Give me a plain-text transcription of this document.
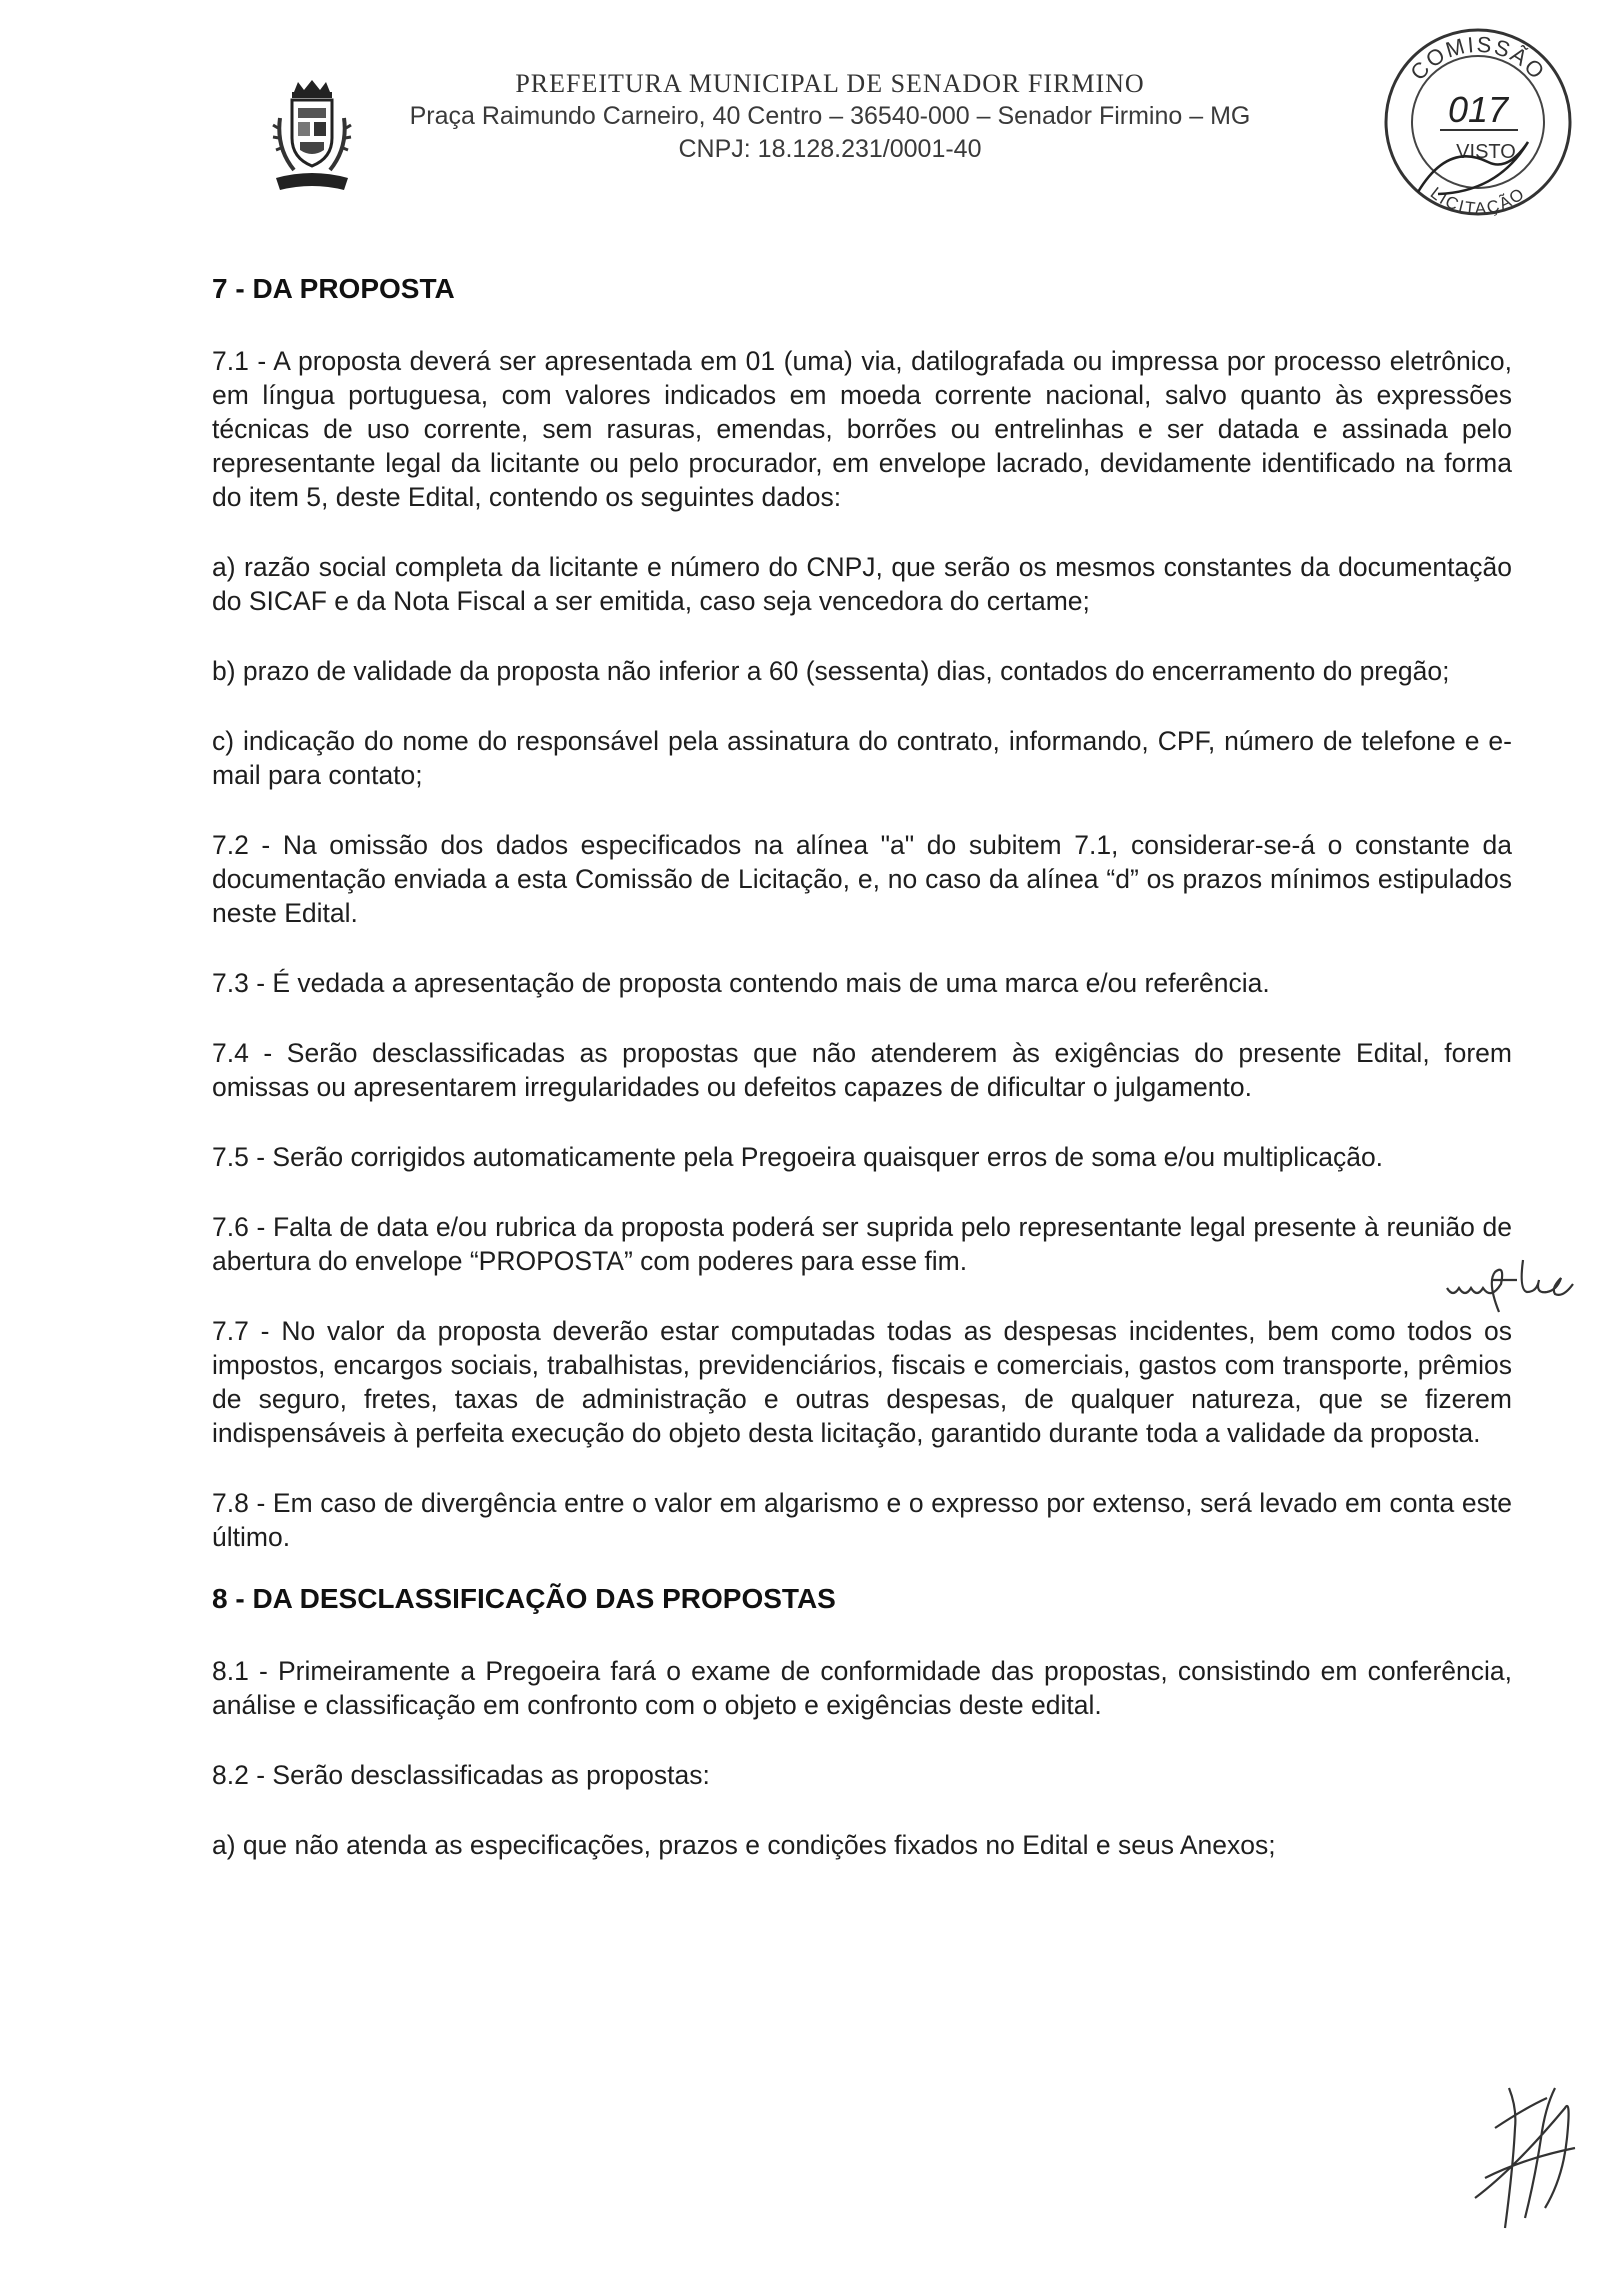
PREFEITURA MUNICIPAL DE SENADOR FIRMINO

Praça Raimundo Carneiro, 40 Centro – 36540-000 – Senador Firmino – MG

CNPJ: 18.128.231/0001-40

COMISSÃO
LICITAÇÃO
017
VISTO

7 - DA PROPOSTA

7.1 - A proposta deverá ser apresentada em 01 (uma) via, datilografada ou impressa por processo eletrônico, em língua portuguesa, com valores indicados em moeda corrente nacional, salvo quanto às expressões técnicas de uso corrente, sem rasuras, emendas, borrões ou entrelinhas e ser datada e assinada pelo representante legal da licitante ou pelo procurador, em envelope lacrado, devidamente identificado na forma do item 5, deste Edital, contendo os seguintes dados:

a) razão social completa da licitante e número do CNPJ, que serão os mesmos constantes da documentação do SICAF e da Nota Fiscal a ser emitida, caso seja vencedora do certame;

b) prazo de validade da proposta não inferior a 60 (sessenta) dias, contados do encerramento do pregão;

c) indicação do nome do responsável pela assinatura do contrato, informando, CPF, número de telefone e e-mail para contato;

7.2 - Na omissão dos dados especificados na alínea "a" do subitem 7.1, considerar-se-á o constante da documentação enviada a esta Comissão de Licitação, e, no caso da alínea “d” os prazos mínimos estipulados neste Edital.

7.3 - É vedada a apresentação de proposta contendo mais de uma marca e/ou referência.

7.4 - Serão desclassificadas as propostas que não atenderem às exigências do presente Edital, forem omissas ou apresentarem irregularidades ou defeitos capazes de dificultar o julgamento.

7.5 - Serão corrigidos automaticamente pela Pregoeira quaisquer erros de soma e/ou multiplicação.

7.6 - Falta de data e/ou rubrica da proposta poderá ser suprida pelo representante legal presente à reunião de abertura do envelope “PROPOSTA” com poderes para esse fim.

7.7 - No valor da proposta deverão estar computadas todas as despesas incidentes, bem como todos os impostos, encargos sociais, trabalhistas, previdenciários, fiscais e comerciais, gastos com transporte, prêmios de seguro, fretes, taxas de administração e outras despesas, de qualquer natureza, que se fizerem indispensáveis à perfeita execução do objeto desta licitação, garantido durante toda a validade da proposta.

7.8 - Em caso de divergência entre o valor em algarismo e o expresso por extenso, será levado em conta este último.

8 - DA DESCLASSIFICAÇÃO DAS PROPOSTAS

8.1 - Primeiramente a Pregoeira fará o exame de conformidade das propostas, consistindo em conferência, análise e classificação em confronto com o objeto e exigências deste edital.

8.2 - Serão desclassificadas as propostas:

a) que não atenda as especificações, prazos e condições fixados no Edital e seus Anexos;
